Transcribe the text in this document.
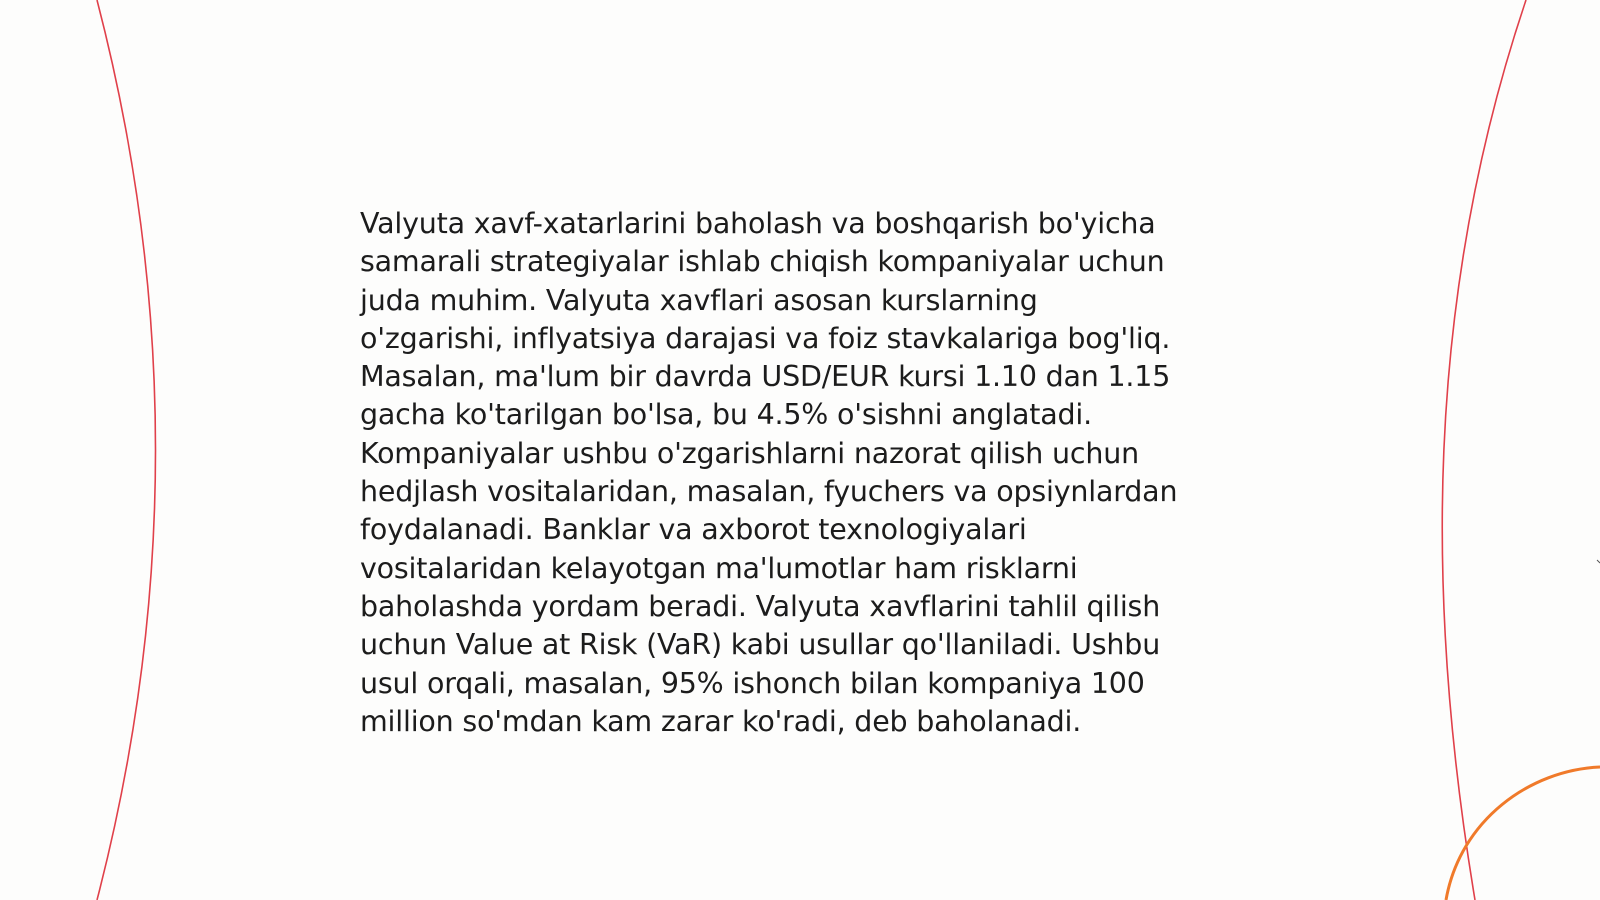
Valyuta xavf-xatarlarini baholash va boshqarish bo'yicha
samarali strategiyalar ishlab chiqish kompaniyalar uchun
juda muhim. Valyuta xavflari asosan kurslarning
o'zgarishi, inflyatsiya darajasi va foiz stavkalariga bog'liq.
Masalan, ma'lum bir davrda USD/EUR kursi 1.10 dan 1.15
gacha ko'tarilgan bo'lsa, bu 4.5% o'sishni anglatadi.
Kompaniyalar ushbu o'zgarishlarni nazorat qilish uchun
hedjlash vositalaridan, masalan, fyuchers va opsiynlardan
foydalanadi. Banklar va axborot texnologiyalari
vositalaridan kelayotgan ma'lumotlar ham risklarni
baholashda yordam beradi. Valyuta xavflarini tahlil qilish
uchun Value at Risk (VaR) kabi usullar qo'llaniladi. Ushbu
usul orqali, masalan, 95% ishonch bilan kompaniya 100
million so'mdan kam zarar ko'radi, deb baholanadi.
